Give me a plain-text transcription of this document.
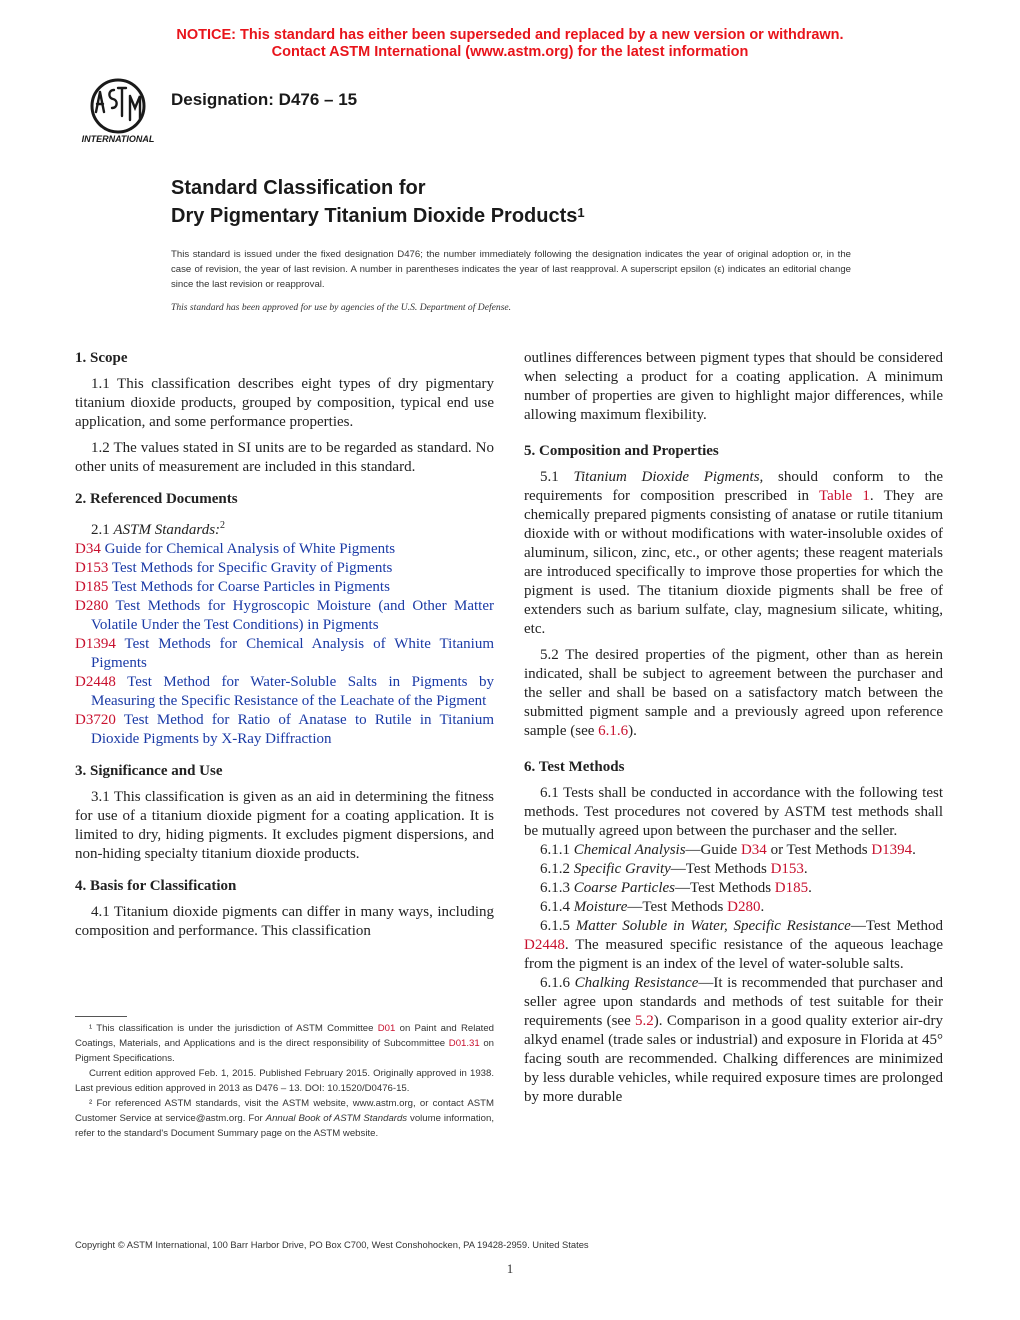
NOTICE: This standard has either been superseded and replaced by a new version or withdrawn.
Contact ASTM International (www.astm.org) for the latest information
INTERNATIONAL
Designation: D476 – 15
Standard Classification for
Dry Pigmentary Titanium Dioxide Products$^1$
This standard is issued under the fixed designation D476; the number immediately following the designation indicates the year of original adoption or, in the case of revision, the year of last revision. A number in parentheses indicates the year of last reapproval. A superscript epsilon (ε) indicates an editorial change since the last revision or reapproval.
This standard has been approved for use by agencies of the U.S. Department of Defense.

1. Scope

1.1 This classification describes eight types of dry pigmentary titanium dioxide products, grouped by composition, typical end use application, and some performance properties.

1.2 The values stated in SI units are to be regarded as standard. No other units of measurement are included in this standard.

2. Referenced Documents

2.1 ASTM Standards:$^2$

D34 Guide for Chemical Analysis of White Pigments

D153 Test Methods for Specific Gravity of Pigments

D185 Test Methods for Coarse Particles in Pigments

D280 Test Methods for Hygroscopic Moisture (and Other Matter Volatile Under the Test Conditions) in Pigments

D1394 Test Methods for Chemical Analysis of White Titanium Pigments

D2448 Test Method for Water-Soluble Salts in Pigments by Measuring the Specific Resistance of the Leachate of the Pigment

D3720 Test Method for Ratio of Anatase to Rutile in Titanium Dioxide Pigments by X-Ray Diffraction

3. Significance and Use

3.1 This classification is given as an aid in determining the fitness for use of a titanium dioxide pigment for a coating application. It is limited to dry, hiding pigments. It excludes pigment dispersions, and non-hiding specialty titanium dioxide products.

4. Basis for Classification

4.1 Titanium dioxide pigments can differ in many ways, including composition and performance. This classification

¹ This classification is under the jurisdiction of ASTM Committee D01 on Paint and Related Coatings, Materials, and Applications and is the direct responsibility of Subcommittee D01.31 on Pigment Specifications.

Current edition approved Feb. 1, 2015. Published February 2015. Originally approved in 1938. Last previous edition approved in 2013 as D476 – 13. DOI: 10.1520/D0476-15.

² For referenced ASTM standards, visit the ASTM website, www.astm.org, or contact ASTM Customer Service at service@astm.org. For Annual Book of ASTM Standards volume information, refer to the standard's Document Summary page on the ASTM website.

outlines differences between pigment types that should be considered when selecting a product for a coating application. A minimum number of properties are given to highlight major differences, while allowing maximum flexibility.

5. Composition and Properties

5.1 Titanium Dioxide Pigments, should conform to the requirements for composition prescribed in Table 1. They are chemically prepared pigments consisting of anatase or rutile titanium dioxide with or without modifications with water-insoluble oxides of aluminum, silicon, zinc, etc., or other agents; these reagent materials are introduced specifically to improve those properties for which the pigment is used. The titanium dioxide pigments shall be free of extenders such as barium sulfate, clay, magnesium silicate, whiting, etc.

5.2 The desired properties of the pigment, other than as herein indicated, shall be subject to agreement between the purchaser and the seller and shall be based on a satisfactory match between the submitted pigment sample and a previously agreed upon reference sample (see 6.1.6).

6. Test Methods

6.1 Tests shall be conducted in accordance with the following test methods. Test procedures not covered by ASTM test methods shall be mutually agreed upon between the purchaser and the seller.

6.1.1 Chemical Analysis—Guide D34 or Test Methods D1394.

6.1.2 Specific Gravity—Test Methods D153.

6.1.3 Coarse Particles—Test Methods D185.

6.1.4 Moisture—Test Methods D280.

6.1.5 Matter Soluble in Water, Specific Resistance—Test Method D2448. The measured specific resistance of the aqueous leachage from the pigment is an index of the level of water-soluble salts.

6.1.6 Chalking Resistance—It is recommended that purchaser and seller agree upon standards and methods of test suitable for their requirements (see 5.2). Comparison in a good quality exterior air-dry alkyd enamel (trade sales or industrial) and exposure in Florida at 45° facing south are recommended. Chalking differences are minimized by less durable vehicles, while required exposure times are prolonged by more durable

Copyright © ASTM International, 100 Barr Harbor Drive, PO Box C700, West Conshohocken, PA 19428-2959. United States
1
